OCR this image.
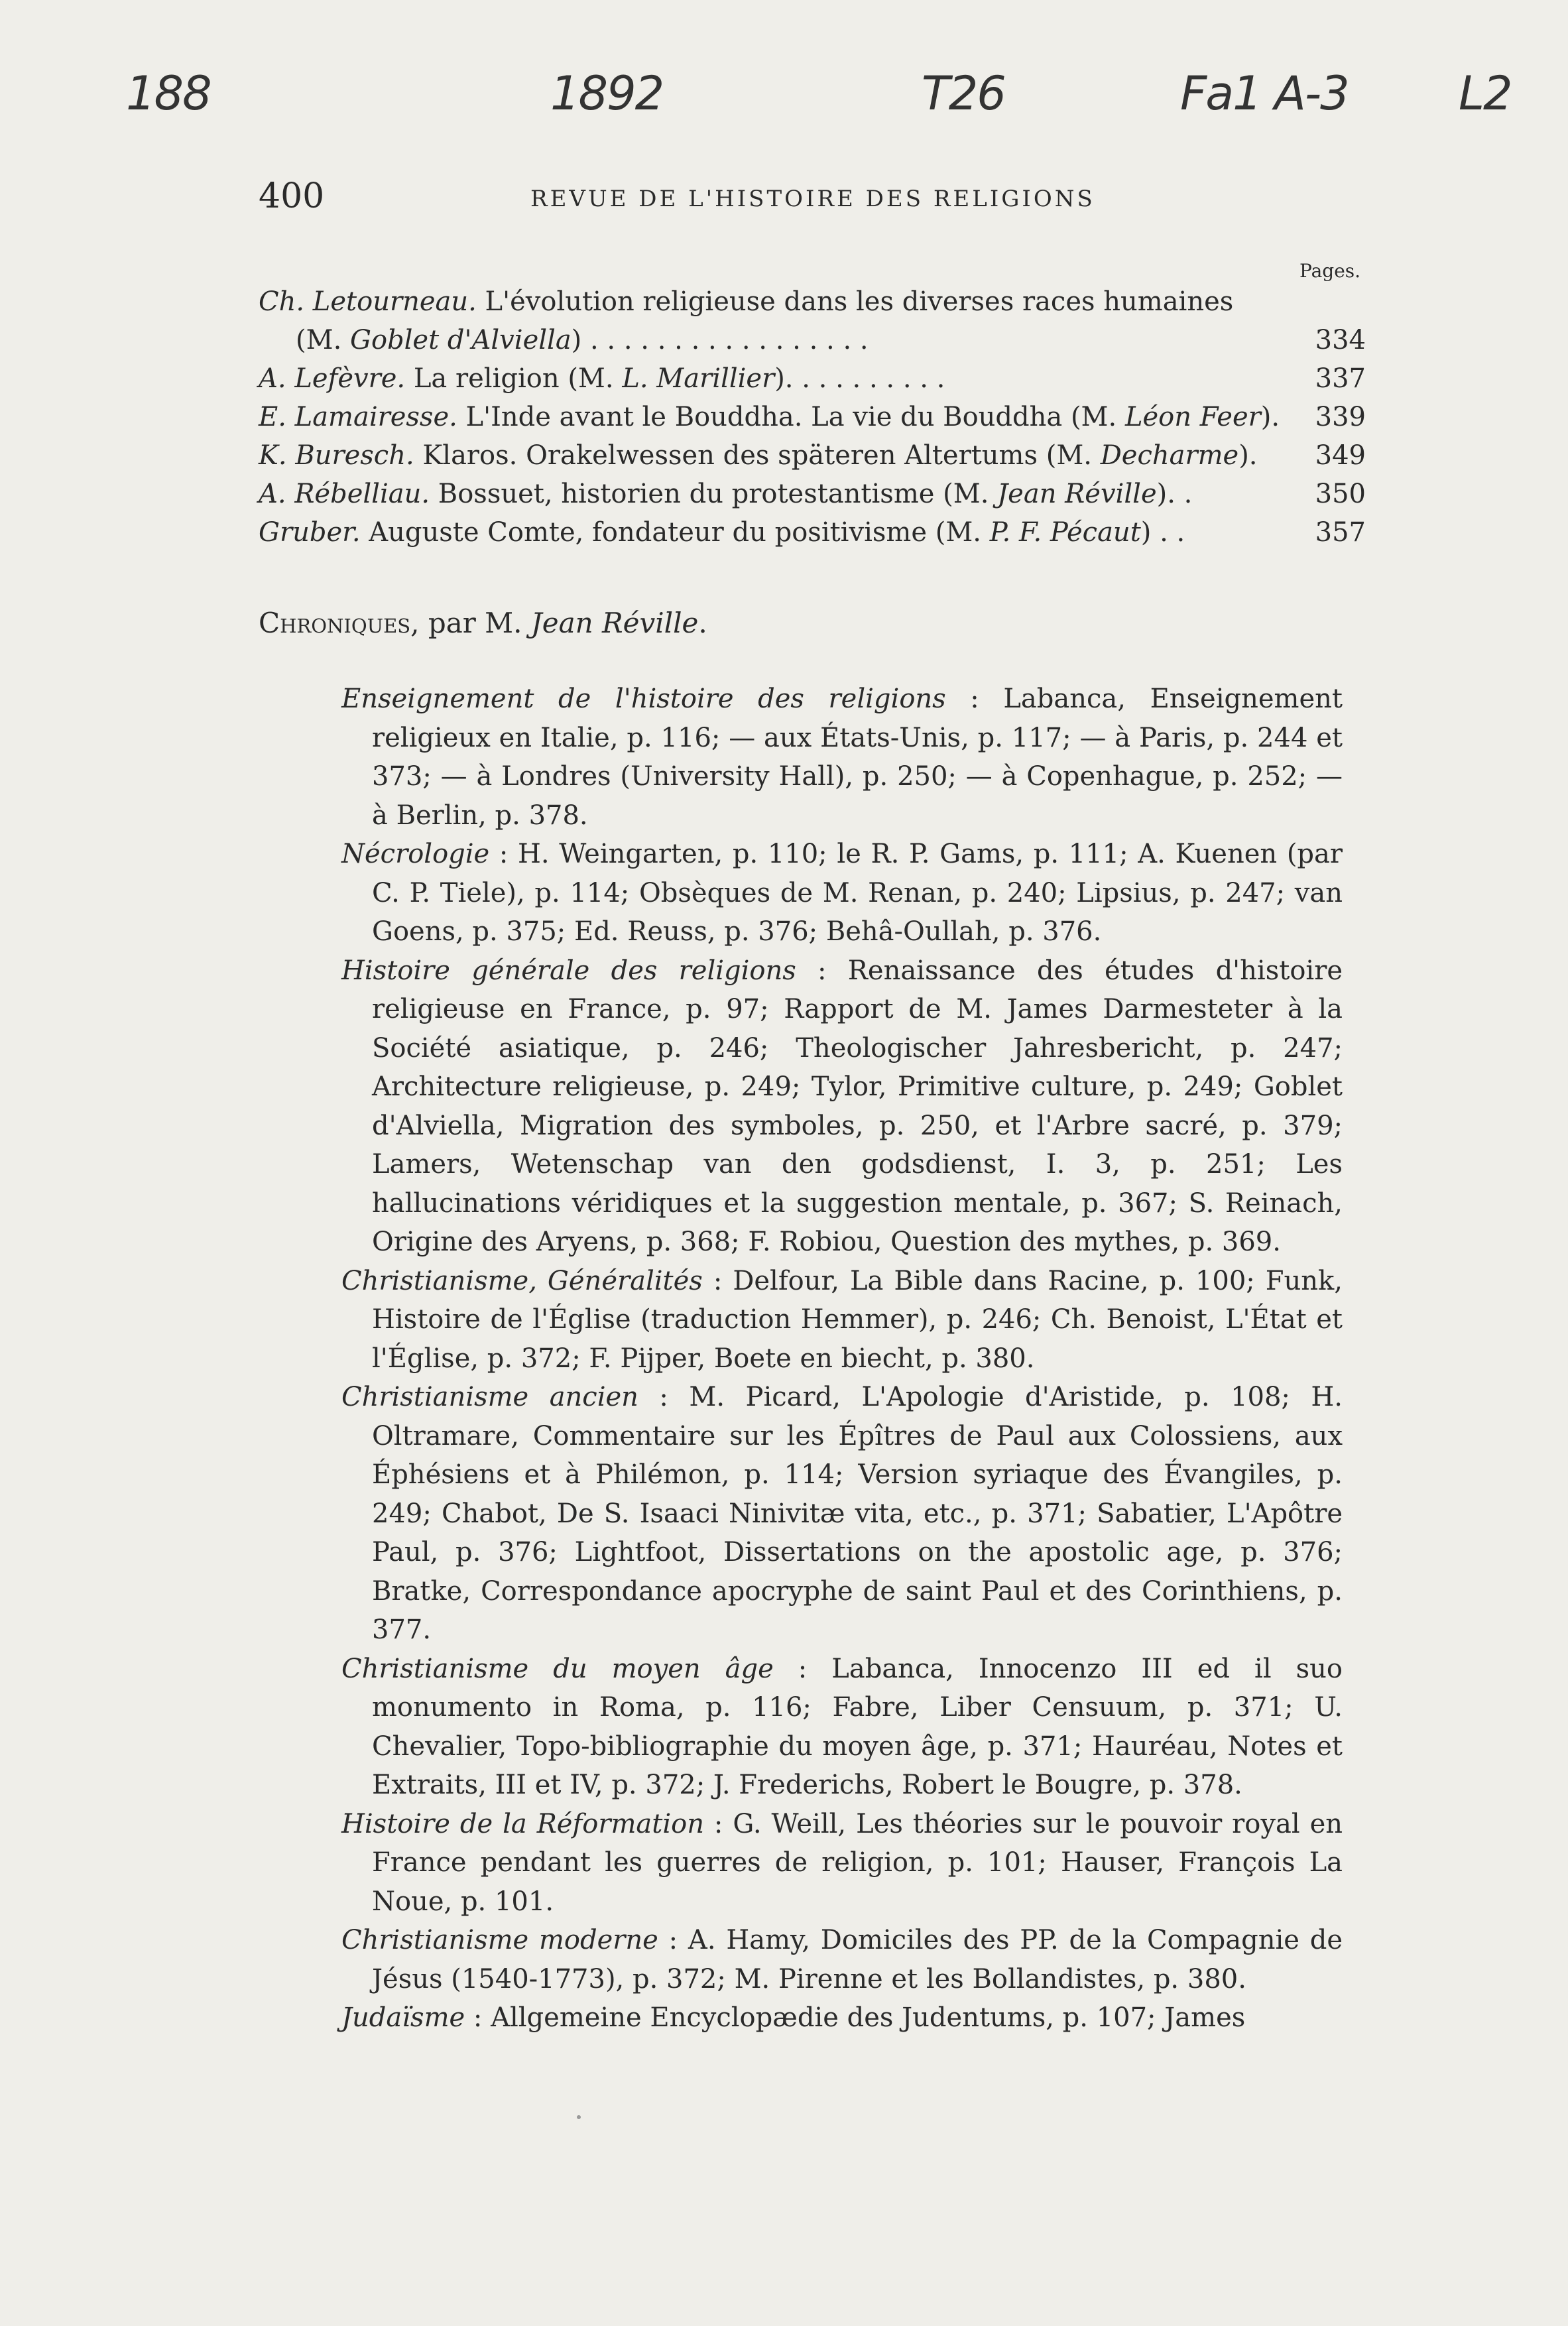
188	1892	T26	Fa1 A-3 L2
400	REVUE DE L'HISTOIRE DES RELIGIONS
Pages.
Ch. Letourneau. L'évolution religieuse dans les diverses races humaines
(M. Goblet d'Alviella) . . . . . . . . . . . . . . . . .	334
A. Lefèvre. La religion (M. L. Marillier). . . . . . . . . .	337
E. Lamairesse. L'Inde avant le Bouddha. La vie du Bouddha (M. Léon Feer). 339
K. Buresch. Klaros. Orakelwessen des späteren Altertums (M. Decharme). 349
A. Rébelliau. Bossuet, historien du protestantisme (M. Jean Réville). .	350
Gruber. Auguste Comte, fondateur du positivisme (M. P. F. Pécaut) . .	357
Chroniques, par M. Jean Réville.

Enseignement de l'histoire des religions : Labanca, Enseignement religieux en Italie, p. 116; — aux États-Unis, p. 117; — à Paris, p. 244 et 373; — à Londres (University Hall), p. 250; — à Copenhague, p. 252; — à Berlin, p. 378.

Nécrologie : H. Weingarten, p. 110; le R. P. Gams, p. 111; A. Kuenen (par C. P. Tiele), p. 114; Obsèques de M. Renan, p. 240; Lipsius, p. 247; van Goens, p. 375; Ed. Reuss, p. 376; Behâ-Oullah, p. 376.

Histoire générale des religions : Renaissance des études d'histoire religieuse en France, p. 97; Rapport de M. James Darmesteter à la Société asiatique, p. 246; Theologischer Jahresbericht, p. 247; Architecture religieuse, p. 249; Tylor, Primitive culture, p. 249; Goblet d'Alviella, Migration des symboles, p. 250, et l'Arbre sacré, p. 379; Lamers, Wetenschap van den godsdienst, I. 3, p. 251; Les hallucinations véridiques et la suggestion mentale, p. 367; S. Reinach, Origine des Aryens, p. 368; F. Robiou, Question des mythes, p. 369.

Christianisme, Généralités : Delfour, La Bible dans Racine, p. 100; Funk, Histoire de l'Église (traduction Hemmer), p. 246; Ch. Benoist, L'État et l'Église, p. 372; F. Pijper, Boete en biecht, p. 380.

Christianisme ancien : M. Picard, L'Apologie d'Aristide, p. 108; H. Oltramare, Commentaire sur les Épîtres de Paul aux Colossiens, aux Éphésiens et à Philémon, p. 114; Version syriaque des Évangiles, p. 249; Chabot, De S. Isaaci Ninivitæ vita, etc., p. 371; Sabatier, L'Apôtre Paul, p. 376; Lightfoot, Dissertations on the apostolic age, p. 376; Bratke, Correspondance apocryphe de saint Paul et des Corinthiens, p. 377.

Christianisme du moyen âge : Labanca, Innocenzo III ed il suo monumento in Roma, p. 116; Fabre, Liber Censuum, p. 371; U. Chevalier, Topo-bibliographie du moyen âge, p. 371; Hauréau, Notes et Extraits, III et IV, p. 372; J. Frederichs, Robert le Bougre, p. 378.

Histoire de la Réformation : G. Weill, Les théories sur le pouvoir royal en France pendant les guerres de religion, p. 101; Hauser, François La Noue, p. 101.

Christianisme moderne : A. Hamy, Domiciles des PP. de la Compagnie de Jésus (1540-1773), p. 372; M. Pirenne et les Bollandistes, p. 380.

Judaïsme : Allgemeine Encyclopædie des Judentums, p. 107; James
